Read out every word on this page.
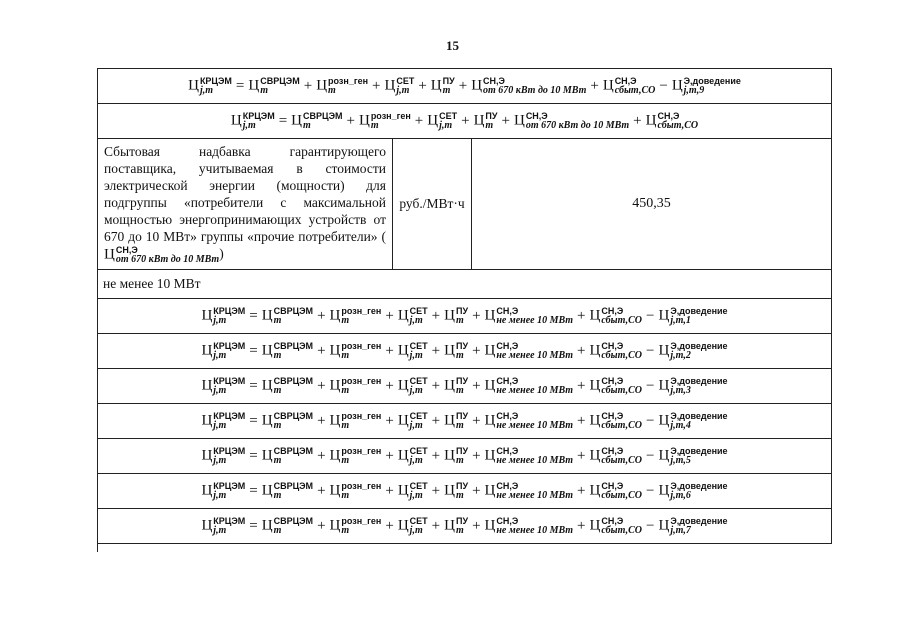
15
Ц КРЦЭМ
j,m = Ц СВРЦЭМ
m + Ц розн_ген
m + Ц СЕТ
j,m + Ц ПУ
m + Ц СН,Э
от 670 кВт до 10 МВт + Ц СН,Э
сбыт,СО − Ц Э,доведение
j,m,9

Ц КРЦЭМ
j,m = Ц СВРЦЭМ
m + Ц розн_ген
m + Ц СЕТ
j,m + Ц ПУ
m + Ц СН,Э
от 670 кВт до 10 МВт + Ц СН,Э
сбыт,СО

Сбытовая надбавка гарантирующего поставщика, учитываемая в стоимости электрической энергии (мощности) для подгруппы «потребители с максимальной мощностью энергопринимающих устройств от 670 до 10 МВт» группы «прочие потребители» (Ц СН,Э
от 670 кВт до 10 МВт )	руб./МВт·ч	450,35
не менее 10 МВт
Ц КРЦЭМ
j,m = Ц СВРЦЭМ
m + Ц розн_ген
m + Ц СЕТ
j,m + Ц ПУ
m + Ц СН,Э
не менее 10 МВт + Ц СН,Э
сбыт,СО − Ц Э,доведение
j,m,1

Ц КРЦЭМ
j,m = Ц СВРЦЭМ
m + Ц розн_ген
m + Ц СЕТ
j,m + Ц ПУ
m + Ц СН,Э
не менее 10 МВт + Ц СН,Э
сбыт,СО − Ц Э,доведение
j,m,2

Ц КРЦЭМ
j,m = Ц СВРЦЭМ
m + Ц розн_ген
m + Ц СЕТ
j,m + Ц ПУ
m + Ц СН,Э
не менее 10 МВт + Ц СН,Э
сбыт,СО − Ц Э,доведение
j,m,3

Ц КРЦЭМ
j,m = Ц СВРЦЭМ
m + Ц розн_ген
m + Ц СЕТ
j,m + Ц ПУ
m + Ц СН,Э
не менее 10 МВт + Ц СН,Э
сбыт,СО − Ц Э,доведение
j,m,4

Ц КРЦЭМ
j,m = Ц СВРЦЭМ
m + Ц розн_ген
m + Ц СЕТ
j,m + Ц ПУ
m + Ц СН,Э
не менее 10 МВт + Ц СН,Э
сбыт,СО − Ц Э,доведение
j,m,5

Ц КРЦЭМ
j,m = Ц СВРЦЭМ
m + Ц розн_ген
m + Ц СЕТ
j,m + Ц ПУ
m + Ц СН,Э
не менее 10 МВт + Ц СН,Э
сбыт,СО − Ц Э,доведение
j,m,6

Ц КРЦЭМ
j,m = Ц СВРЦЭМ
m + Ц розн_ген
m + Ц СЕТ
j,m + Ц ПУ
m + Ц СН,Э
не менее 10 МВт + Ц СН,Э
сбыт,СО − Ц Э,доведение
j,m,7
